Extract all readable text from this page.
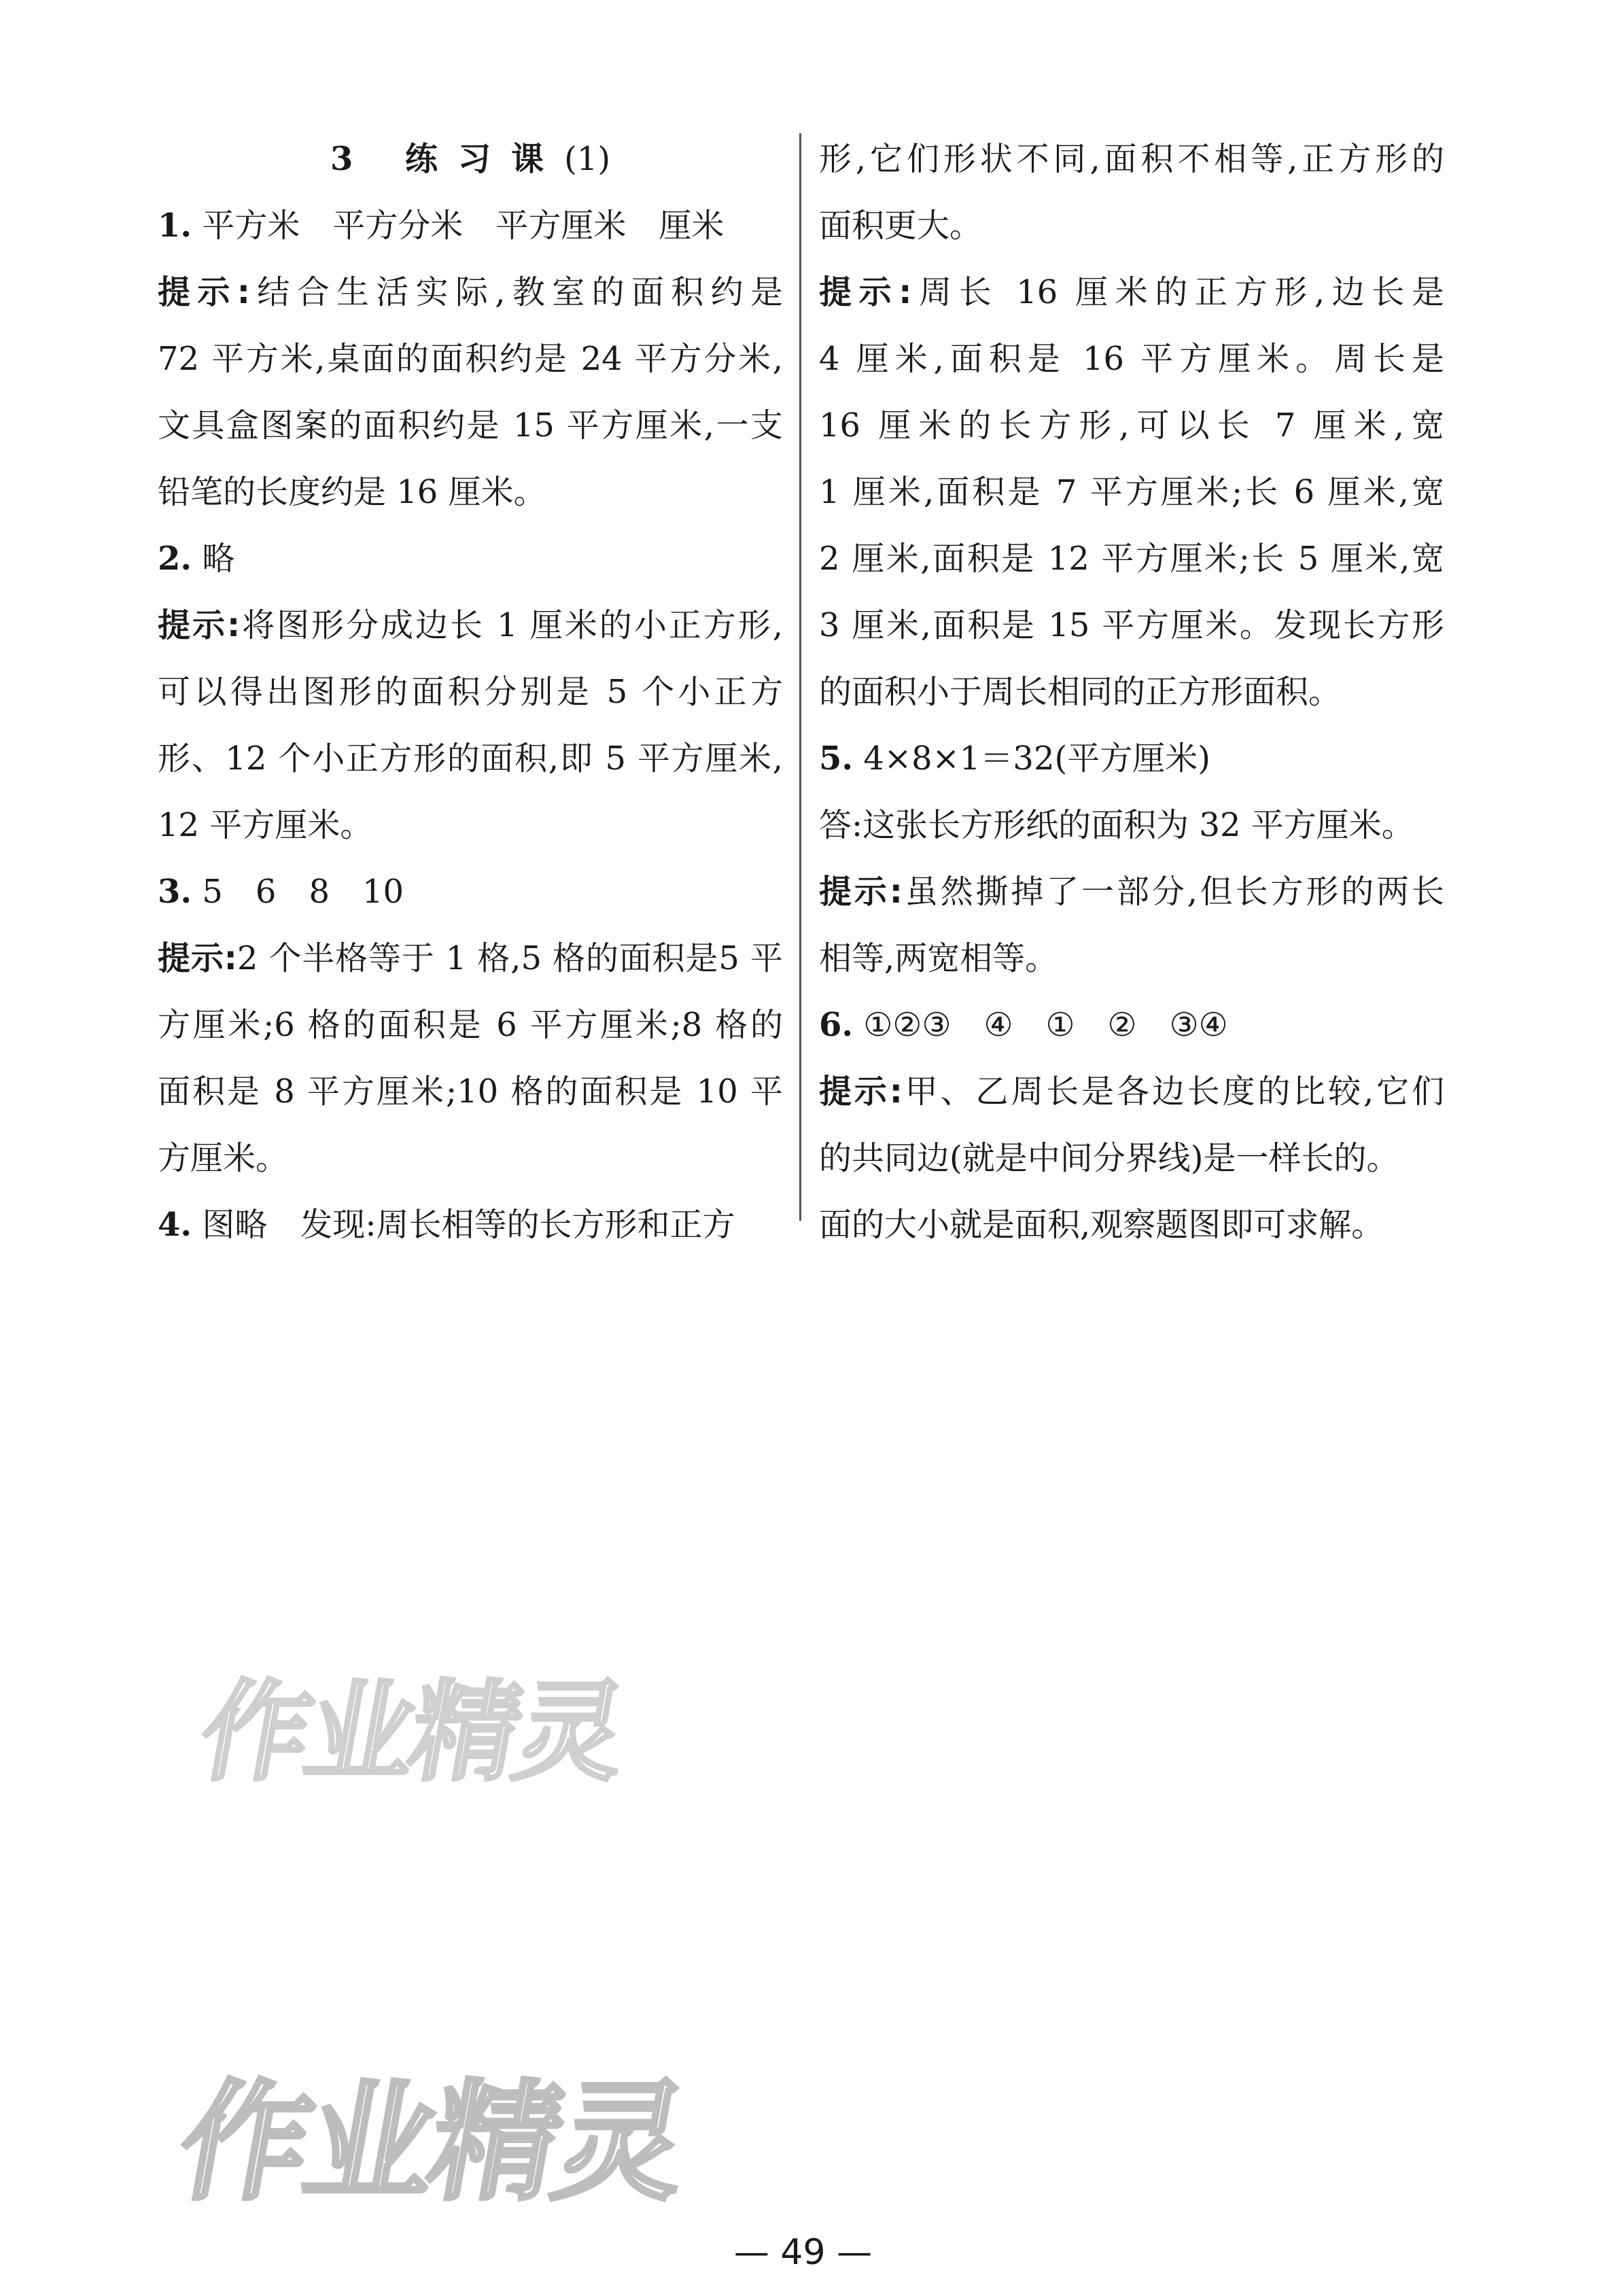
3 练习课(1)
1. 平方米　平方分米　平方厘米　厘米
提示:结合生活实际,教室的面积约是
72 平方米,桌面的面积约是 24 平方分米,
文具盒图案的面积约是 15 平方厘米,一支
铅笔的长度约是 16 厘米。
2. 略
提示:将图形分成边长 1 厘米的小正方形,
可以得出图形的面积分别是 5 个小正方
形、12 个小正方形的面积,即 5 平方厘米,
12 平方厘米。
3. 5　6　8　10
提示:2 个半格等于 1 格,5 格的面积是5 平
方厘米;6 格的面积是 6 平方厘米;8 格的
面积是 8 平方厘米;10 格的面积是 10 平
方厘米。
4. 图略　发现:周长相等的长方形和正方
形,它们形状不同,面积不相等,正方形的
面积更大。
提示:周长 16 厘米的正方形,边长是
4 厘米,面积是 16 平方厘米。周长是
16 厘米的长方形,可以长 7 厘米,宽
1 厘米,面积是 7 平方厘米;长 6 厘米,宽
2 厘米,面积是 12 平方厘米;长 5 厘米,宽
3 厘米,面积是 15 平方厘米。发现长方形
的面积小于周长相同的正方形面积。
5. 4×8×1＝32(平方厘米)
答:这张长方形纸的面积为 32 平方厘米。
提示:虽然撕掉了一部分,但长方形的两长
相等,两宽相等。
6. ①②③　④　①　②　③④
提示:甲、乙周长是各边长度的比较,它们
的共同边(就是中间分界线)是一样长的。
面的大小就是面积,观察题图即可求解。
作业精灵
作业精灵
— 49 —
